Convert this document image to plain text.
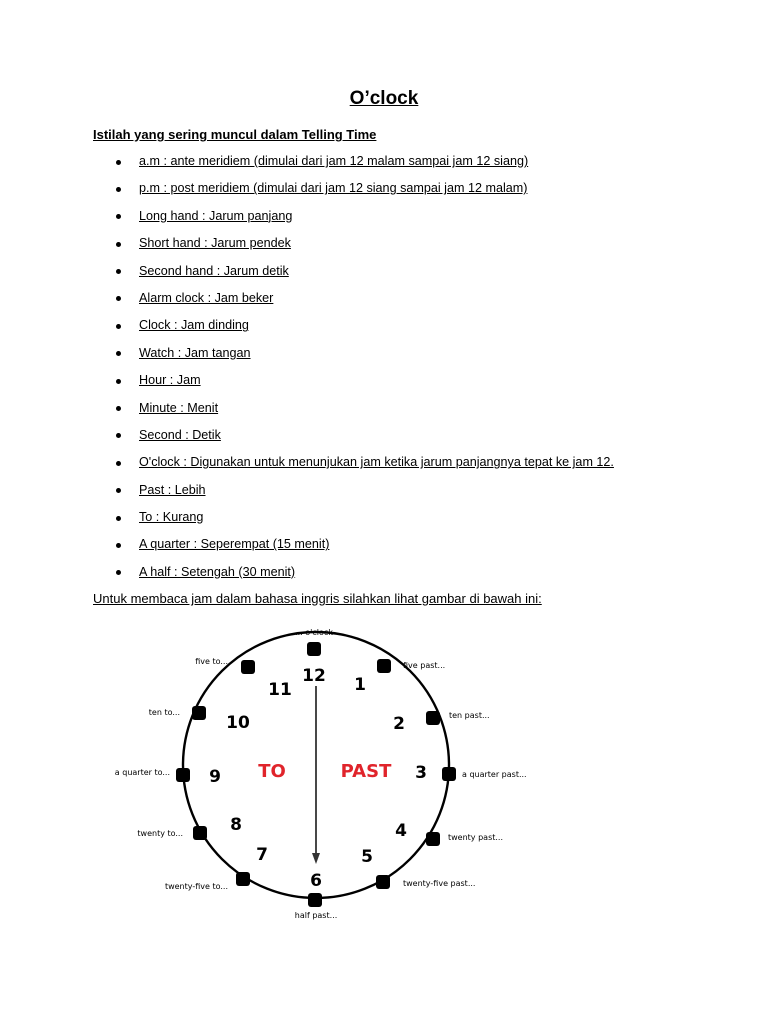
O’clock
Istilah yang sering muncul dalam Telling Time
a.m : ante meridiem (dimulai dari jam 12 malam sampai jam 12 siang)
p.m : post meridiem (dimulai dari jam 12 siang sampai jam 12 malam)
Long hand : Jarum panjang
Short hand : Jarum pendek
Second hand : Jarum detik
Alarm clock : Jam beker
Clock : Jam dinding
Watch : Jam tangan
Hour : Jam
Minute : Menit
Second : Detik
O'clock : Digunakan untuk menunjukan jam ketika jarum panjangnya tepat ke jam 12.
Past : Lebih
To : Kurang
A quarter : Seperempat (15 menit)
A half : Setengah (30 menit)
Untuk membaca jam dalam bahasa inggris silahkan lihat gambar di bawah ini:
12 1
2
3
4
5
6
7
8
9
10
11
TO	PAST
... o'clock
five past...
ten past...
a quarter past...
twenty past...
twenty-five past...
half past...
twenty-five to...
twenty to...
a quarter to...
ten to...
five to...
